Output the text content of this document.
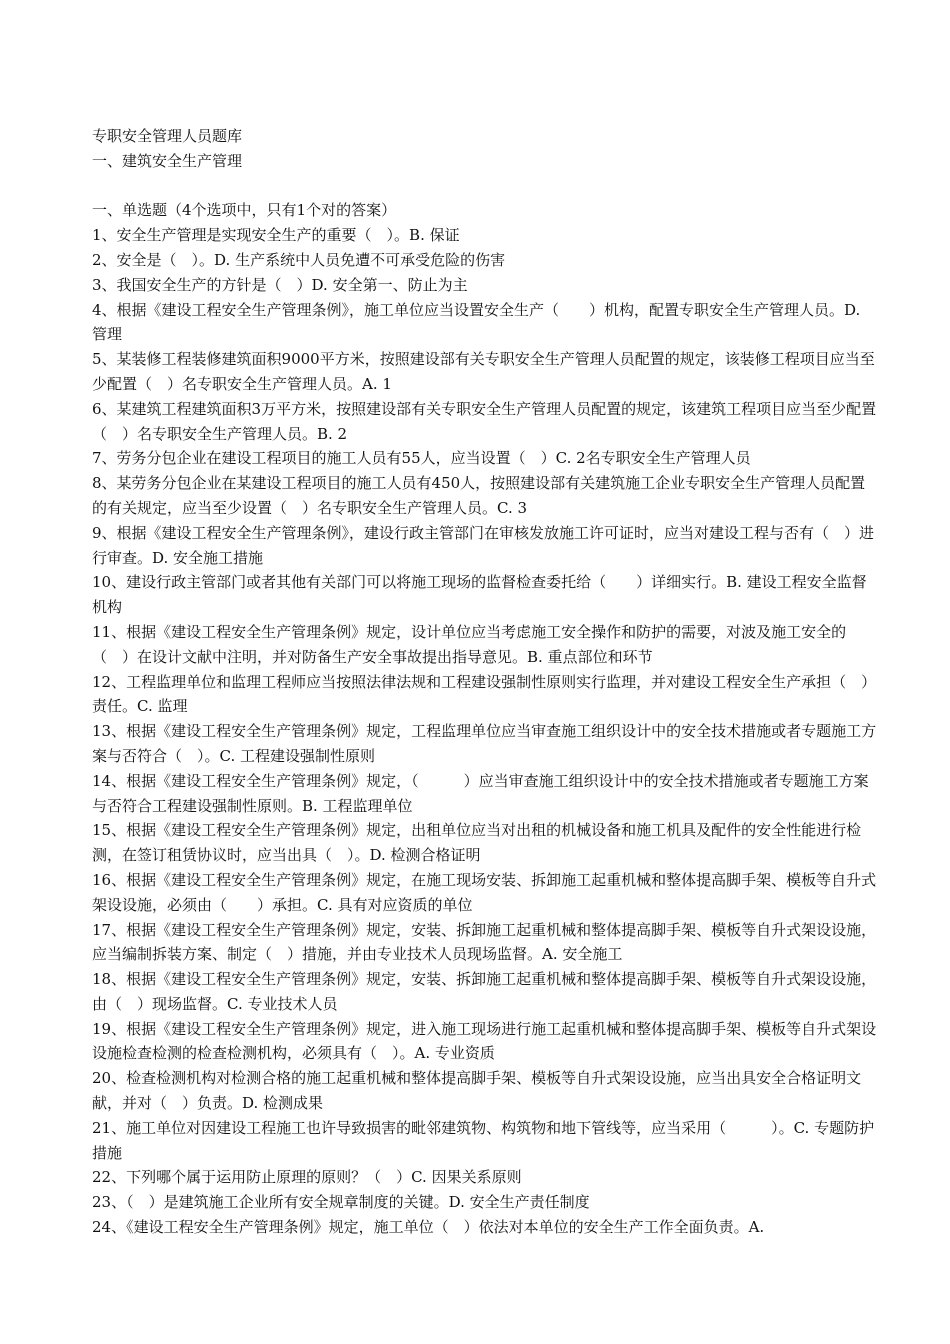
专职安全管理人员题库

一、建筑安全生产管理

一、单选题（4个选项中，只有1个对的答案）

1、安全生产管理是实现安全生产的重要（　）。B. 保证

2、安全是（　）。D. 生产系统中人员免遭不可承受危险的伤害

3、我国安全生产的方针是（　）D. 安全第一、防止为主

4、根据《建设工程安全生产管理条例》，施工单位应当设置安全生产（　　）机构，配置专职安全生产管理人员。D. 管理

5、某装修工程装修建筑面积9000平方米，按照建设部有关专职安全生产管理人员配置的规定，该装修工程项目应当至少配置（　）名专职安全生产管理人员。A. 1

6、某建筑工程建筑面积3万平方米，按照建设部有关专职安全生产管理人员配置的规定，该建筑工程项目应当至少配置（　）名专职安全生产管理人员。B. 2

7、劳务分包企业在建设工程项目的施工人员有55人，应当设置（　）C. 2名专职安全生产管理人员

8、某劳务分包企业在某建设工程项目的施工人员有450人，按照建设部有关建筑施工企业专职安全生产管理人员配置的有关规定，应当至少设置（　）名专职安全生产管理人员。C. 3

9、根据《建设工程安全生产管理条例》，建设行政主管部门在审核发放施工许可证时，应当对建设工程与否有（　）进行审查。D. 安全施工措施

10、建设行政主管部门或者其他有关部门可以将施工现场的监督检查委托给（　　）详细实行。B. 建设工程安全监督机构

11、根据《建设工程安全生产管理条例》规定，设计单位应当考虑施工安全操作和防护的需要，对波及施工安全的（　）在设计文献中注明，并对防备生产安全事故提出指导意见。B. 重点部位和环节

12、工程监理单位和监理工程师应当按照法律法规和工程建设强制性原则实行监理，并对建设工程安全生产承担（　）责任。C. 监理

13、根据《建设工程安全生产管理条例》规定，工程监理单位应当审查施工组织设计中的安全技术措施或者专题施工方案与否符合（　）。C. 工程建设强制性原则

14、根据《建设工程安全生产管理条例》规定，（　　　）应当审查施工组织设计中的安全技术措施或者专题施工方案与否符合工程建设强制性原则。B. 工程监理单位

15、根据《建设工程安全生产管理条例》规定，出租单位应当对出租的机械设备和施工机具及配件的安全性能进行检测，在签订租赁协议时，应当出具（　）。D. 检测合格证明

16、根据《建设工程安全生产管理条例》规定，在施工现场安装、拆卸施工起重机械和整体提高脚手架、模板等自升式架设设施，必须由（　　）承担。C. 具有对应资质的单位

17、根据《建设工程安全生产管理条例》规定，安装、拆卸施工起重机械和整体提高脚手架、模板等自升式架设设施，应当编制拆装方案、制定（　）措施，并由专业技术人员现场监督。A. 安全施工

18、根据《建设工程安全生产管理条例》规定，安装、拆卸施工起重机械和整体提高脚手架、模板等自升式架设设施，由（　）现场监督。C. 专业技术人员

19、根据《建设工程安全生产管理条例》规定，进入施工现场进行施工起重机械和整体提高脚手架、模板等自升式架设设施检查检测的检查检测机构，必须具有（　）。A. 专业资质

20、检查检测机构对检测合格的施工起重机械和整体提高脚手架、模板等自升式架设设施，应当出具安全合格证明文献，并对（　）负责。D. 检测成果

21、施工单位对因建设工程施工也许导致损害的毗邻建筑物、构筑物和地下管线等，应当采用（　　　）。C. 专题防护措施

22、下列哪个属于运用防止原理的原则？（　）C. 因果关系原则

23、（　）是建筑施工企业所有安全规章制度的关键。D. 安全生产责任制度

24、《建设工程安全生产管理条例》规定，施工单位（　）依法对本单位的安全生产工作全面负责。A.
